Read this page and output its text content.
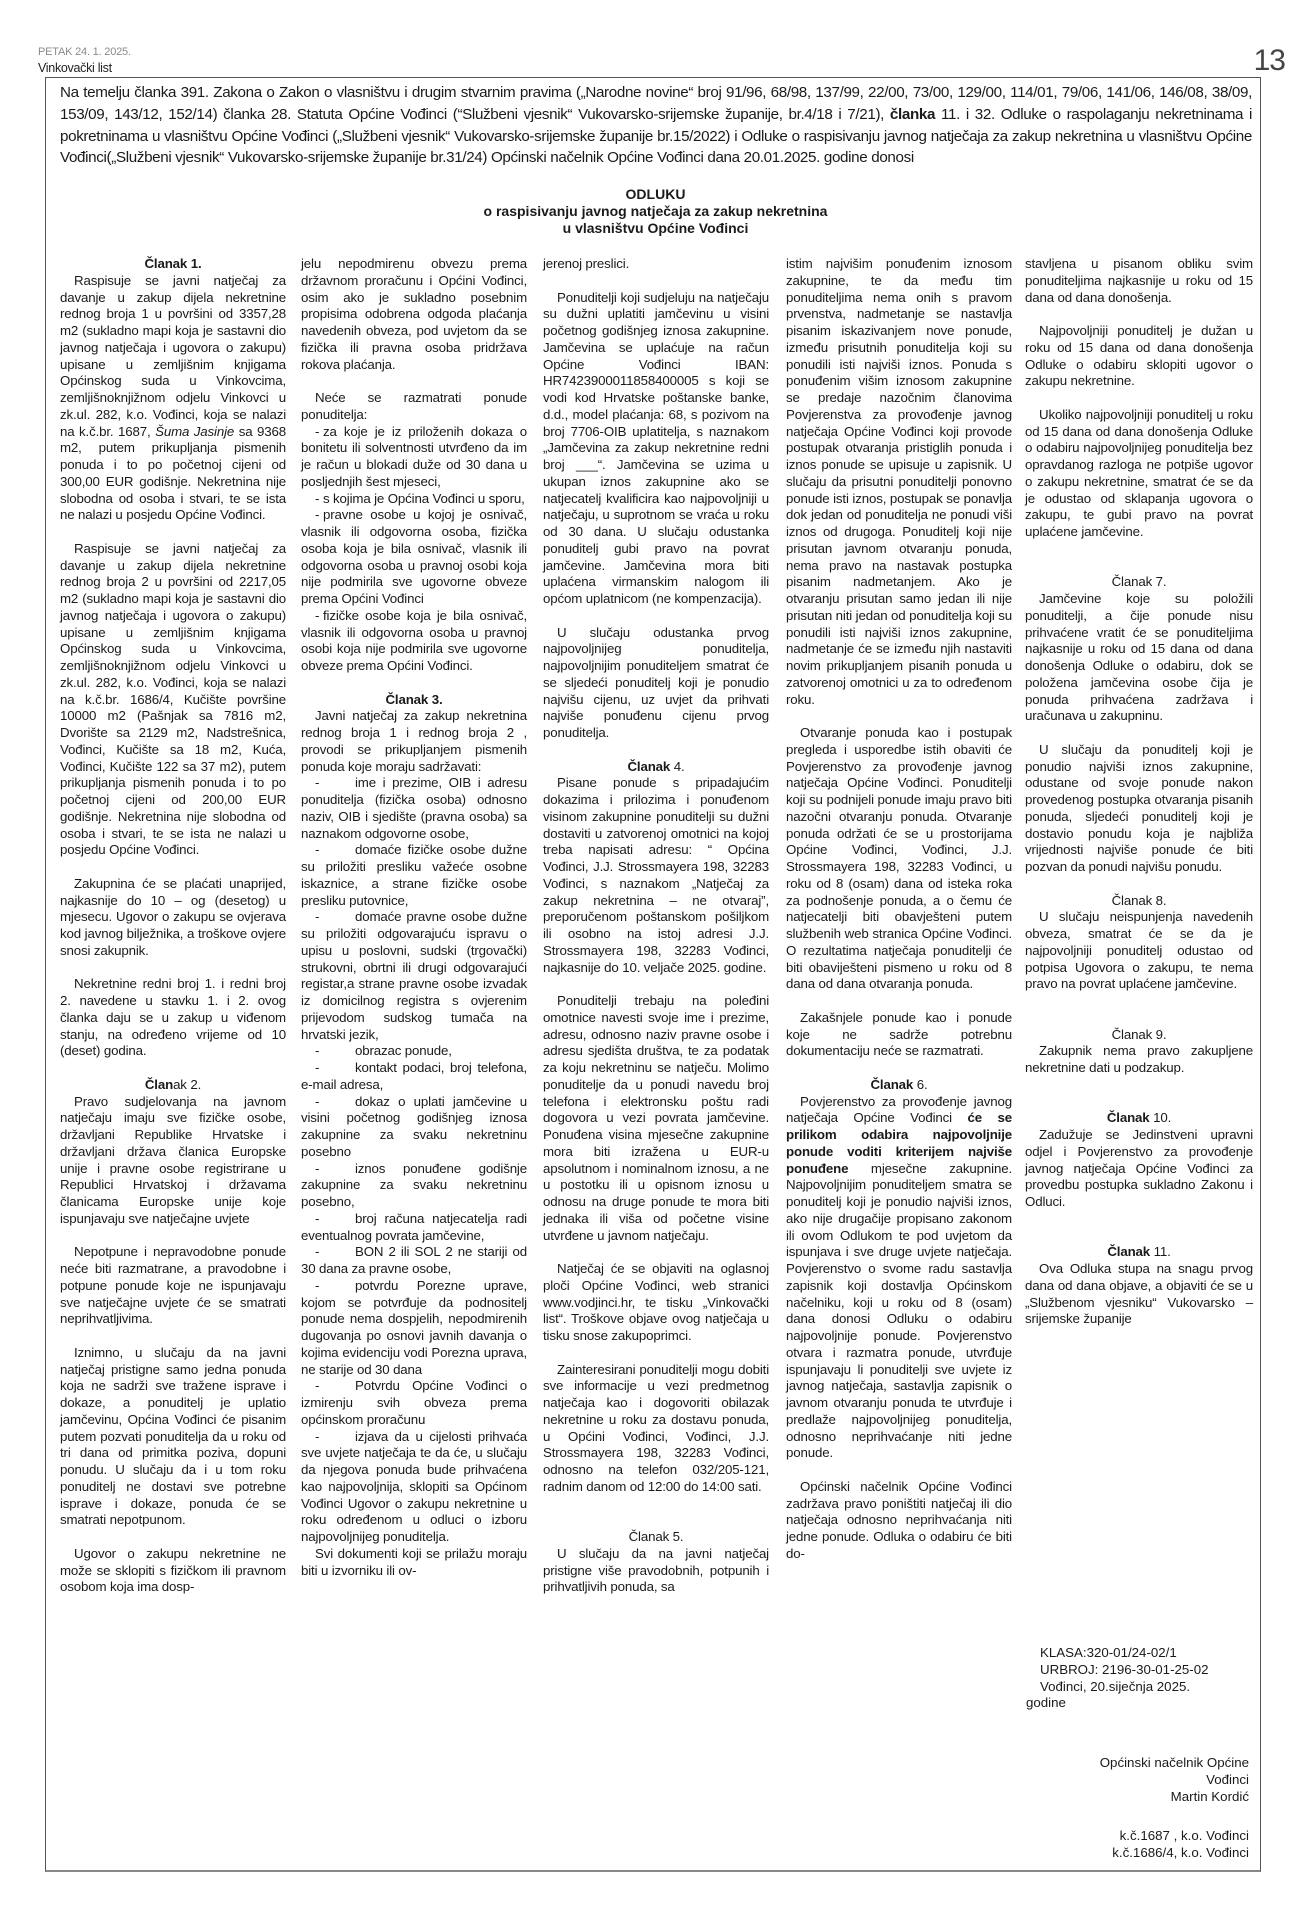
PETAK 24. 1. 2025.
Vinkovački list	13
Na temelju članka 391. Zakona o Zakon o vlasništvu i drugim stvarnim pravima („Narodne novine“ broj 91/96, 68/98, 137/99, 22/00, 73/00, 129/00, 114/01, 79/06, 141/06, 146/08, 38/09, 153/09, 143/12, 152/14) članka 28. Statuta Općine Vođinci (“Službeni vjesnik“ Vukovarsko-srijemske županije, br.4/18 i 7/21), članka 11. i 32. Odluke o raspolaganju nekretninama i pokretninama u vlasništvu Općine Vođinci („Službeni vjesnik“ Vukovarsko-srijemske županije br.15/2022) i Odluke o raspisivanju javnog natječaja za zakup nekretnina u vlasništvu Općine Vođinci(„Službeni vjesnik“ Vukovarsko-srijemske županije br.31/24) Općinski načelnik Općine Vođinci dana 20.01.2025. godine donosi
ODLUKU
o raspisivanju javnog natječaja za zakup nekretnina
u vlasništvu Općine Vođinci
Članak 1.

Raspisuje se javni natječaj za davanje u zakup dijela nekretnine rednog broja 1 u površini od 3357,28 m2 (sukladno mapi koja je sastavni dio javnog natječaja i ugovora o zakupu) upisane u zemljišnim knjigama Općinskog suda u Vinkovcima, zemljišnoknjižnom odjelu Vinkovci u zk.ul. 282, k.o. Vođinci, koja se nalazi na k.č.br. 1687, Šuma Jasinje sa 9368 m2, putem prikupljanja pismenih ponuda i to po početnoj cijeni od 300,00 EUR godišnje. Nekretnina nije slobodna od osoba i stvari, te se ista ne nalazi u posjedu Općine Vođinci.

Raspisuje se javni natječaj za davanje u zakup dijela nekretnine rednog broja 2 u površini od 2217,05 m2 (sukladno mapi koja je sastavni dio javnog natječaja i ugovora o zakupu) upisane u zemljišnim knjigama Općinskog suda u Vinkovcima, zemljišnoknjižnom odjelu Vinkovci u zk.ul. 282, k.o. Vođinci, koja se nalazi na k.č.br. 1686/4, Kučište površine 10000 m2 (Pašnjak sa 7816 m2, Dvorište sa 2129 m2, Nadstrešnica, Vođinci, Kučište sa 18 m2, Kuća, Vođinci, Kučište 122 sa 37 m2), putem prikupljanja pismenih ponuda i to po početnoj cijeni od 200,00 EUR godišnje. Nekretnina nije slobodna od osoba i stvari, te se ista ne nalazi u posjedu Općine Vođinci.

Zakupnina će se plaćati unaprijed, najkasnije do 10 – og (desetog) u mjesecu. Ugovor o zakupu se ovjerava kod javnog bilježnika, a troškove ovjere snosi zakupnik.

Nekretnine redni broj 1. i redni broj 2. navedene u stavku 1. i 2. ovog članka daju se u zakup u viđenom stanju, na određeno vrijeme od 10 (deset) godina.

Članak 2.

Pravo sudjelovanja na javnom natječaju imaju sve fizičke osobe, državljani Republike Hrvatske i državljani država članica Europske unije i pravne osobe registrirane u Republici Hrvatskoj i državama članicama Europske unije koje ispunjavaju sve natječajne uvjete

Nepotpune i nepravodobne ponude neće biti razmatrane, a pravodobne i potpune ponude koje ne ispunjavaju sve natječajne uvjete će se smatrati neprihvatljivima.

Iznimno, u slučaju da na javni natječaj pristigne samo jedna ponuda koja ne sadrži sve tražene isprave i dokaze, a ponuditelj je uplatio jamčevinu, Općina Vođinci će pisanim putem pozvati ponuditelja da u roku od tri dana od primitka poziva, dopuni ponudu. U slučaju da i u tom roku ponuditelj ne dostavi sve potrebne isprave i dokaze, ponuda će se smatrati nepotpunom.

Ugovor o zakupu nekretnine ne može se sklopiti s fizičkom ili pravnom osobom koja ima dosp-

jelu nepodmirenu obvezu prema državnom proračunu i Općini Vođinci, osim ako je sukladno posebnim propisima odobrena odgoda plaćanja navedenih obveza, pod uvjetom da se fizička ili pravna osoba pridržava rokova plaćanja.

Neće se razmatrati ponude ponuditelja:

- za koje je iz priloženih dokaza o bonitetu ili solventnosti utvrđeno da im je račun u blokadi duže od 30 dana u posljednjih šest mjeseci,

- s kojima je Općina Vođinci u sporu,

- pravne osobe u kojoj je osnivač, vlasnik ili odgovorna osoba, fizička osoba koja je bila osnivač, vlasnik ili odgovorna osoba u pravnoj osobi koja nije podmirila sve ugovorne obveze prema Općini Vođinci

- fizičke osobe koja je bila osnivač, vlasnik ili odgovorna osoba u pravnoj osobi koja nije podmirila sve ugovorne obveze prema Općini Vođinci.

Članak 3.

Javni natječaj za zakup nekretnina rednog broja 1 i rednog broja 2 , provodi se prikupljanjem pismenih ponuda koje moraju sadržavati:

-	ime i prezime, OIB i adresu ponuditelja (fizička osoba) odnosno naziv, OIB i sjedište (pravna osoba) sa naznakom odgovorne osobe,

-	domaće fizičke osobe dužne su priložiti presliku važeće osobne iskaznice, a strane fizičke osobe presliku putovnice,

-	domaće pravne osobe dužne su priložiti odgovarajuću ispravu o upisu u poslovni, sudski (trgovački) strukovni, obrtni ili drugi odgovarajući registar,a strane pravne osobe izvadak iz domicilnog registra s ovjerenim prijevodom sudskog tumača na hrvatski jezik,

-	obrazac ponude,

-	kontakt podaci, broj telefona, e-mail adresa,

-	dokaz o uplati jamčevine u visini početnog godišnjeg iznosa zakupnine za svaku nekretninu posebno

-	iznos ponuđene godišnje zakupnine za svaku nekretninu posebno,

-	broj računa natjecatelja radi eventualnog povrata jamčevine,

-	BON 2 ili SOL 2 ne stariji od 30 dana za pravne osobe,

-	potvrdu Porezne uprave, kojom se potvrđuje da podnositelj ponude nema dospjelih, nepodmirenih dugovanja po osnovi javnih davanja o kojima evidenciju vodi Porezna uprava, ne starije od 30 dana

-	Potvrdu Općine Vođinci o izmirenju svih obveza prema općinskom proračunu

-	izjava da u cijelosti prihvaća sve uvjete natječaja te da će, u slučaju da njegova ponuda bude prihvaćena kao najpovoljnija, sklopiti sa Općinom Vođinci Ugovor o zakupu nekretnine u roku određenom u odluci o izboru najpovoljnijeg ponuditelja.

Svi dokumenti koji se prilažu moraju biti u izvorniku ili ov-

jerenoj preslici.

Ponuditelji koji sudjeluju na natječaju su dužni uplatiti jamčevinu u visini početnog godišnjeg iznosa zakupnine. Jamčevina se uplaćuje na račun Općine Vođinci IBAN: HR7423900011858400005 s koji se vodi kod Hrvatske poštanske banke, d.d., model plaćanja: 68, s pozivom na broj 7706-OIB uplatitelja, s naznakom „Jamčevina za zakup nekretnine redni broj ___“. Jamčevina se uzima u ukupan iznos zakupnine ako se natjecatelj kvalificira kao najpovoljniji u natječaju, u suprotnom se vraća u roku od 30 dana. U slučaju odustanka ponuditelj gubi pravo na povrat jamčevine. Jamčevina mora biti uplaćena virmanskim nalogom ili općom uplatnicom (ne kompenzacija).

U slučaju odustanka prvog najpovoljnijeg ponuditelja, najpovoljnijim ponuditeljem smatrat će se sljedeći ponuditelj koji je ponudio najvišu cijenu, uz uvjet da prihvati najviše ponuđenu cijenu prvog ponuditelja.

Članak 4.

Pisane ponude s pripadajućim dokazima i prilozima i ponuđenom visinom zakupnine ponuditelji su dužni dostaviti u zatvorenoj omotnici na kojoj treba napisati adresu: “ Općina Vođinci, J.J. Strossmayera 198, 32283 Vođinci, s naznakom „Natječaj za zakup nekretnina – ne otvaraj”, preporučenom poštanskom pošiljkom ili osobno na istoj adresi J.J. Strossmayera 198, 32283 Vođinci, najkasnije do 10. veljače 2025. godine.

Ponuditelji trebaju na poleđini omotnice navesti svoje ime i prezime, adresu, odnosno naziv pravne osobe i adresu sjedišta društva, te za podatak za koju nekretninu se natječu. Molimo ponuditelje da u ponudi navedu broj telefona i elektronsku poštu radi dogovora u vezi povrata jamčevine. Ponuđena visina mjesečne zakupnine mora biti izražena u EUR-u apsolutnom i nominalnom iznosu, a ne u postotku ili u opisnom iznosu u odnosu na druge ponude te mora biti jednaka ili viša od početne visine utvrđene u javnom natječaju.

Natječaj će se objaviti na oglasnoj ploči Općine Vođinci, web stranici www.vodjinci.hr, te tisku „Vinkovački list“. Troškove objave ovog natječaja u tisku snose zakupoprimci.

Zainteresirani ponuditelji mogu dobiti sve informacije u vezi predmetnog natječaja kao i dogovoriti obilazak nekretnine u roku za dostavu ponuda, u Općini Vođinci, Vođinci, J.J. Strossmayera 198, 32283 Vođinci, odnosno na telefon 032/205-121, radnim danom od 12:00 do 14:00 sati.

Članak 5.

U slučaju da na javni natječaj pristigne više pravodobnih, potpunih i prihvatljivih ponuda, sa

istim najvišim ponuđenim iznosom zakupnine, te da među tim ponuditeljima nema onih s pravom prvenstva, nadmetanje se nastavlja pisanim iskazivanjem nove ponude, između prisutnih ponuditelja koji su ponudili isti najviši iznos. Ponuda s ponuđenim višim iznosom zakupnine se predaje nazočnim članovima Povjerenstva za provođenje javnog natječaja Općine Vođinci koji provode postupak otvaranja pristiglih ponuda i iznos ponude se upisuje u zapisnik. U slučaju da prisutni ponuditelji ponovno ponude isti iznos, postupak se ponavlja dok jedan od ponuditelja ne ponudi viši iznos od drugoga. Ponuditelj koji nije prisutan javnom otvaranju ponuda, nema pravo na nastavak postupka pisanim nadmetanjem. Ako je otvaranju prisutan samo jedan ili nije prisutan niti jedan od ponuditelja koji su ponudili isti najviši iznos zakupnine, nadmetanje će se između njih nastaviti novim prikupljanjem pisanih ponuda u zatvorenoj omotnici u za to određenom roku.

Otvaranje ponuda kao i postupak pregleda i usporedbe istih obaviti će Povjerenstvo za provođenje javnog natječaja Općine Vođinci. Ponuditelji koji su podnijeli ponude imaju pravo biti nazočni otvaranju ponuda. Otvaranje ponuda održati će se u prostorijama Općine Vođinci, Vođinci, J.J. Strossmayera 198, 32283 Vođinci, u roku od 8 (osam) dana od isteka roka za podnošenje ponuda, a o čemu će natjecatelji biti obavješteni putem službenih web stranica Općine Vođinci. O rezultatima natječaja ponuditelji će biti obaviješteni pismeno u roku od 8 dana od dana otvaranja ponuda.

Zakašnjele ponude kao i ponude koje ne sadrže potrebnu dokumentaciju neće se razmatrati.

Članak 6.

Povjerenstvo za provođenje javnog natječaja Općine Vođinci će se prilikom odabira najpovoljnije ponude voditi kriterijem najviše ponuđene mjesečne zakupnine. Najpovoljnijim ponuditeljem smatra se ponuditelj koji je ponudio najviši iznos, ako nije drugačije propisano zakonom ili ovom Odlukom te pod uvjetom da ispunjava i sve druge uvjete natječaja. Povjerenstvo o svome radu sastavlja zapisnik koji dostavlja Općinskom načelniku, koji u roku od 8 (osam) dana donosi Odluku o odabiru najpovoljnije ponude. Povjerenstvo otvara i razmatra ponude, utvrđuje ispunjavaju li ponuditelji sve uvjete iz javnog natječaja, sastavlja zapisnik o javnom otvaranju ponuda te utvrđuje i predlaže najpovoljnijeg ponuditelja, odnosno neprihvaćanje niti jedne ponude.

Općinski načelnik Općine Vođinci zadržava pravo poništiti natječaj ili dio natječaja odnosno neprihvaćanja niti jedne ponude. Odluka o odabiru će biti do-

stavljena u pisanom obliku svim ponuditeljima najkasnije u roku od 15 dana od dana donošenja.

Najpovoljniji ponuditelj je dužan u roku od 15 dana od dana donošenja Odluke o odabiru sklopiti ugovor o zakupu nekretnine.

Ukoliko najpovoljniji ponuditelj u roku od 15 dana od dana donošenja Odluke o odabiru najpovoljnijeg ponuditelja bez opravdanog razloga ne potpiše ugovor o zakupu nekretnine, smatrat će se da je odustao od sklapanja ugovora o zakupu, te gubi pravo na povrat uplaćene jamčevine.

Članak 7.

Jamčevine koje su položili ponuditelji, a čije ponude nisu prihvaćene vratit će se ponuditeljima najkasnije u roku od 15 dana od dana donošenja Odluke o odabiru, dok se položena jamčevina osobe čija je ponuda prihvaćena zadržava i uračunava u zakupninu.

U slučaju da ponuditelj koji je ponudio najviši iznos zakupnine, odustane od svoje ponude nakon provedenog postupka otvaranja pisanih ponuda, sljedeći ponuditelj koji je dostavio ponudu koja je najbliža vrijednosti najviše ponude će biti pozvan da ponudi najvišu ponudu.

Članak 8.

U slučaju neispunjenja navedenih obveza, smatrat će se da je najpovoljniji ponuditelj odustao od potpisa Ugovora o zakupu, te nema pravo na povrat uplaćene jamčevine.

Članak 9.

Zakupnik nema pravo zakupljene nekretnine dati u podzakup.

Članak 10.

Zadužuje se Jedinstveni upravni odjel i Povjerenstvo za provođenje javnog natječaja Općine Vođinci za provedbu postupka sukladno Zakonu i Odluci.

Članak 11.

Ova Odluka stupa na snagu prvog dana od dana objave, a objaviti će se u „Službenom vjesniku“ Vukovarsko – srijemske županije

KLASA:320-01/24-02/1
URBROJ: 2196-30-01-25-02
Vođinci, 20.siječnja 2025.
godine
Općinski načelnik Općine
Vođinci
Martin Kordić
k.č.1687 , k.o. Vođinci
k.č.1686/4, k.o. Vođinci
